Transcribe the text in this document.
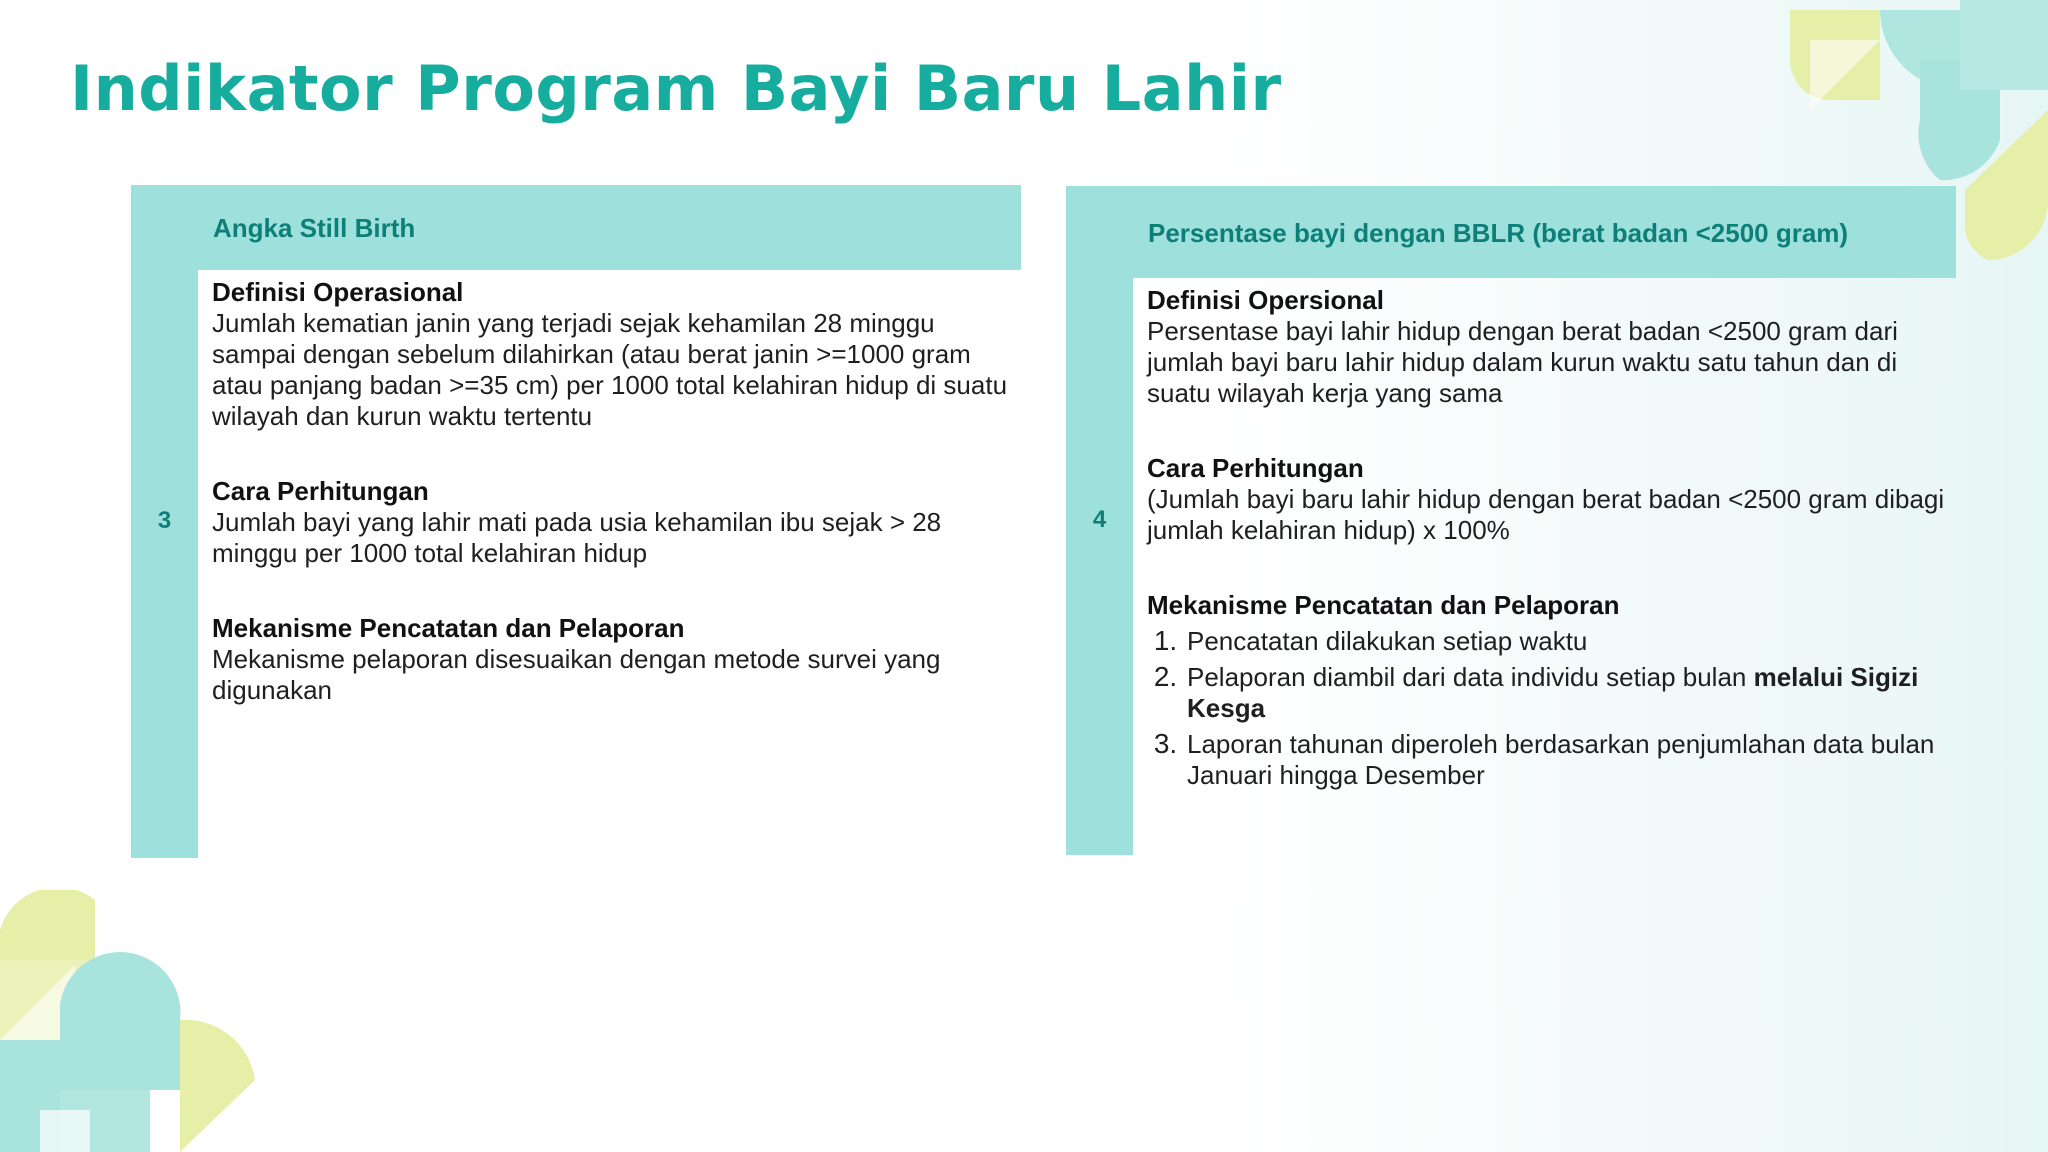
Indikator Program Bayi Baru Lahir
Angka Still Birth
3
Definisi Operasional
Jumlah kematian janin yang terjadi sejak kehamilan 28 minggu sampai dengan sebelum dilahirkan (atau berat janin >=1000 gram atau panjang badan >=35 cm) per 1000 total kelahiran hidup di suatu wilayah dan kurun waktu tertentu
Cara Perhitungan
Jumlah bayi yang lahir mati pada usia kehamilan ibu sejak > 28 minggu per 1000 total kelahiran hidup
Mekanisme Pencatatan dan Pelaporan
Mekanisme pelaporan disesuaikan dengan metode survei yang digunakan
Persentase bayi dengan BBLR (berat badan <2500 gram)
4
Definisi Opersional
Persentase bayi lahir hidup dengan berat badan <2500 gram dari jumlah bayi baru lahir hidup dalam kurun waktu satu tahun dan di suatu wilayah kerja yang sama
Cara Perhitungan
(Jumlah bayi baru lahir hidup dengan berat badan <2500 gram dibagi jumlah kelahiran hidup) x 100%
Mekanisme Pencatatan dan Pelaporan
1. Pencatatan dilakukan setiap waktu
2. Pelaporan diambil dari data individu setiap bulan melalui Sigizi Kesga
3. Laporan tahunan diperoleh berdasarkan penjumlahan data bulan Januari hingga Desember
